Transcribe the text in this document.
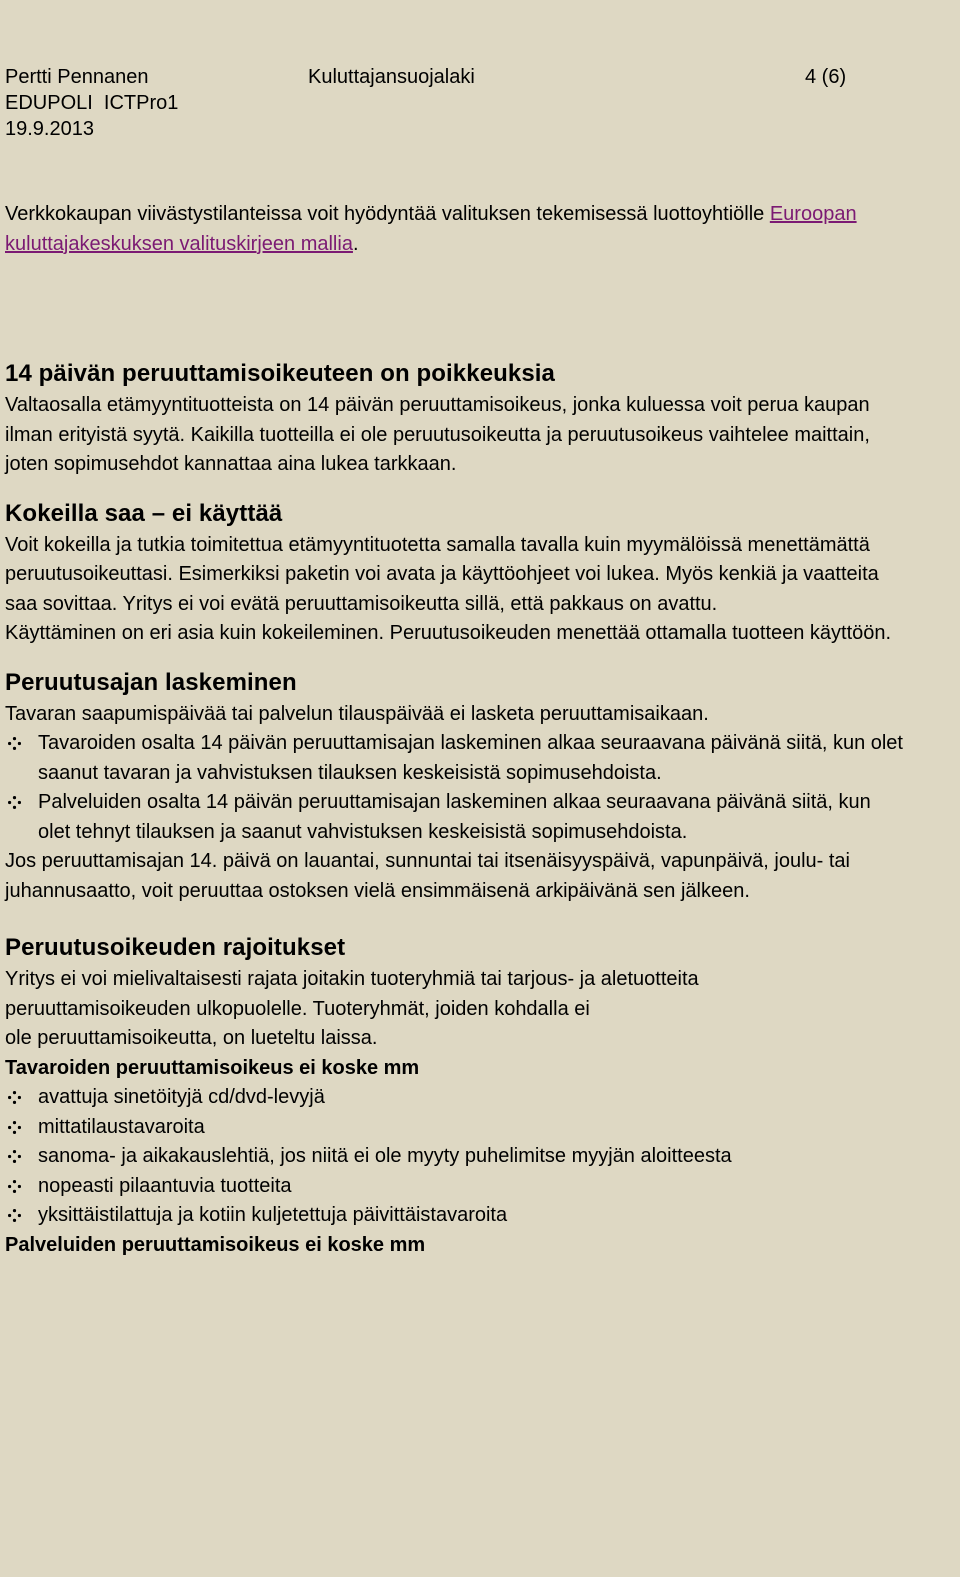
Pertti Pennanen	Kuluttajansuojalaki	4 (6)
EDUPOLI  ICTPro1
19.9.2013
Verkkokaupan viivästystilanteissa voit hyödyntää valituksen tekemisessä luottoyhtiölle Euroopan kuluttajakeskuksen valituskirjeen mallia.
14 päivän peruuttamisoikeuteen on poikkeuksia

Valtaosalla etämyyntituotteista on 14 päivän peruuttamisoikeus, jonka kuluessa voit perua kaupan ilman erityistä syytä. Kaikilla tuotteilla ei ole peruutusoikeutta ja peruutusoikeus vaihtelee maittain, joten sopimusehdot kannattaa aina lukea tarkkaan.

Kokeilla saa – ei käyttää

Voit kokeilla ja tutkia toimitettua etämyyntituotetta samalla tavalla kuin myymälöissä menettämättä peruutusoikeuttasi. Esimerkiksi paketin voi avata ja käyttöohjeet voi lukea. Myös kenkiä ja vaatteita saa sovittaa. Yritys ei voi evätä peruuttamisoikeutta sillä, että pakkaus on avattu.

Käyttäminen on eri asia kuin kokeileminen. Peruutusoikeuden menettää ottamalla tuotteen käyttöön.

Peruutusajan laskeminen

Tavaran saapumispäivää tai palvelun tilauspäivää ei lasketa peruuttamisaikaan.

Tavaroiden osalta 14 päivän peruuttamisajan laskeminen alkaa seuraavana päivänä siitä, kun olet saanut tavaran ja vahvistuksen tilauksen keskeisistä sopimusehdoista.
Palveluiden osalta 14 päivän peruuttamisajan laskeminen alkaa seuraavana päivänä siitä, kun olet tehnyt tilauksen ja saanut vahvistuksen keskeisistä sopimusehdoista.

Jos peruuttamisajan 14. päivä on lauantai, sunnuntai tai itsenäisyyspäivä, vapunpäivä, joulu- tai juhannusaatto, voit peruuttaa ostoksen vielä ensimmäisenä arkipäivänä sen jälkeen.

Peruutusoikeuden rajoitukset

Yritys ei voi mielivaltaisesti rajata joitakin tuoteryhmiä tai tarjous- ja aletuotteita

peruuttamisoikeuden ulkopuolelle. Tuoteryhmät, joiden kohdalla ei

ole peruuttamisoikeutta, on lueteltu laissa.

Tavaroiden peruuttamisoikeus ei koske mm
avattuja sinetöityjä cd/dvd-levyjä
mittatilaustavaroita
sanoma- ja aikakauslehtiä, jos niitä ei ole myyty puhelimitse myyjän aloitteesta
nopeasti pilaantuvia tuotteita
yksittäistilattuja ja kotiin kuljetettuja päivittäistavaroita
Palveluiden peruuttamisoikeus ei koske mm
